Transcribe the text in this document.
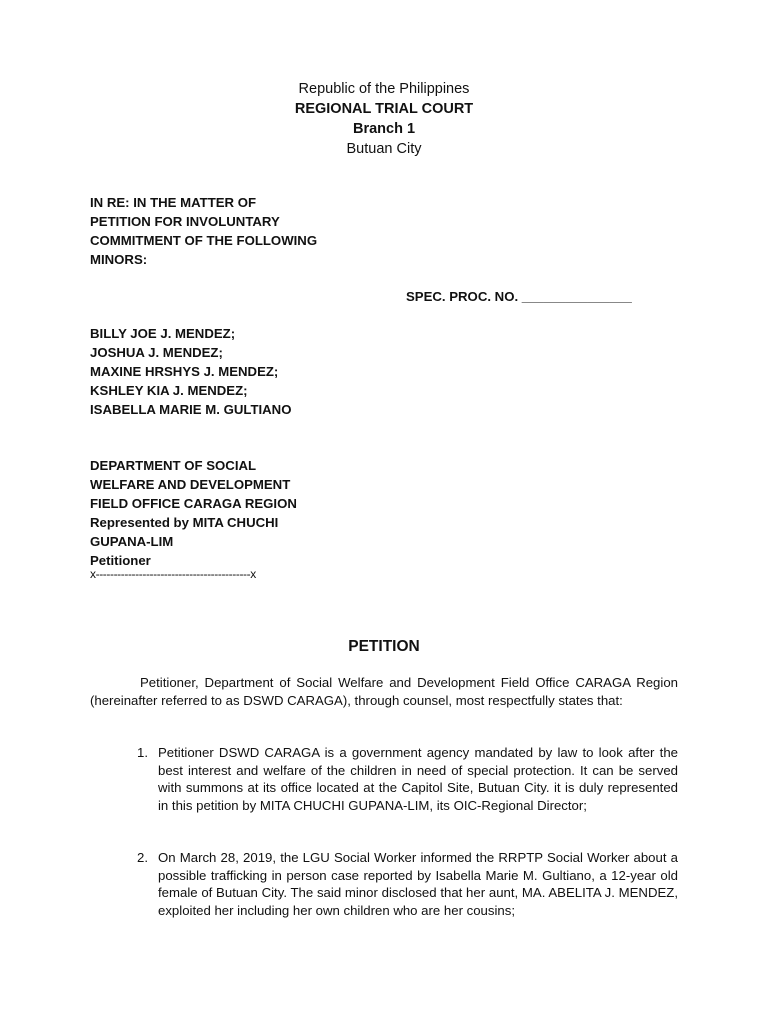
Republic of the Philippines
REGIONAL TRIAL COURT
Branch 1
Butuan City
IN RE: IN THE MATTER OF
PETITION FOR INVOLUNTARY
COMMITMENT OF THE FOLLOWING
MINORS:
SPEC. PROC. NO. _______________
BILLY JOE J. MENDEZ;
JOSHUA J. MENDEZ;
MAXINE HRSHYS J. MENDEZ;
KSHLEY KIA J. MENDEZ;
ISABELLA MARIE M. GULTIANO
DEPARTMENT OF SOCIAL
WELFARE AND DEVELOPMENT
FIELD OFFICE CARAGA REGION
Represented by MITA CHUCHI
GUPANA-LIM
Petitioner
x-------------------------------------------x
PETITION
Petitioner, Department of Social Welfare and Development Field Office CARAGA Region (hereinafter referred to as DSWD CARAGA), through counsel, most respectfully states that:
1. Petitioner DSWD CARAGA is a government agency mandated by law to look after the best interest and welfare of the children in need of special protection. It can be served with summons at its office located at the Capitol Site, Butuan City. it is duly represented in this petition by MITA CHUCHI GUPANA-LIM, its OIC-Regional Director;
2. On March 28, 2019, the LGU Social Worker informed the RRPTP Social Worker about a possible trafficking in person case reported by Isabella Marie M. Gultiano, a 12-year old female of Butuan City. The said minor disclosed that her aunt, MA. ABELITA J. MENDEZ, exploited her including her own children who are her cousins;
